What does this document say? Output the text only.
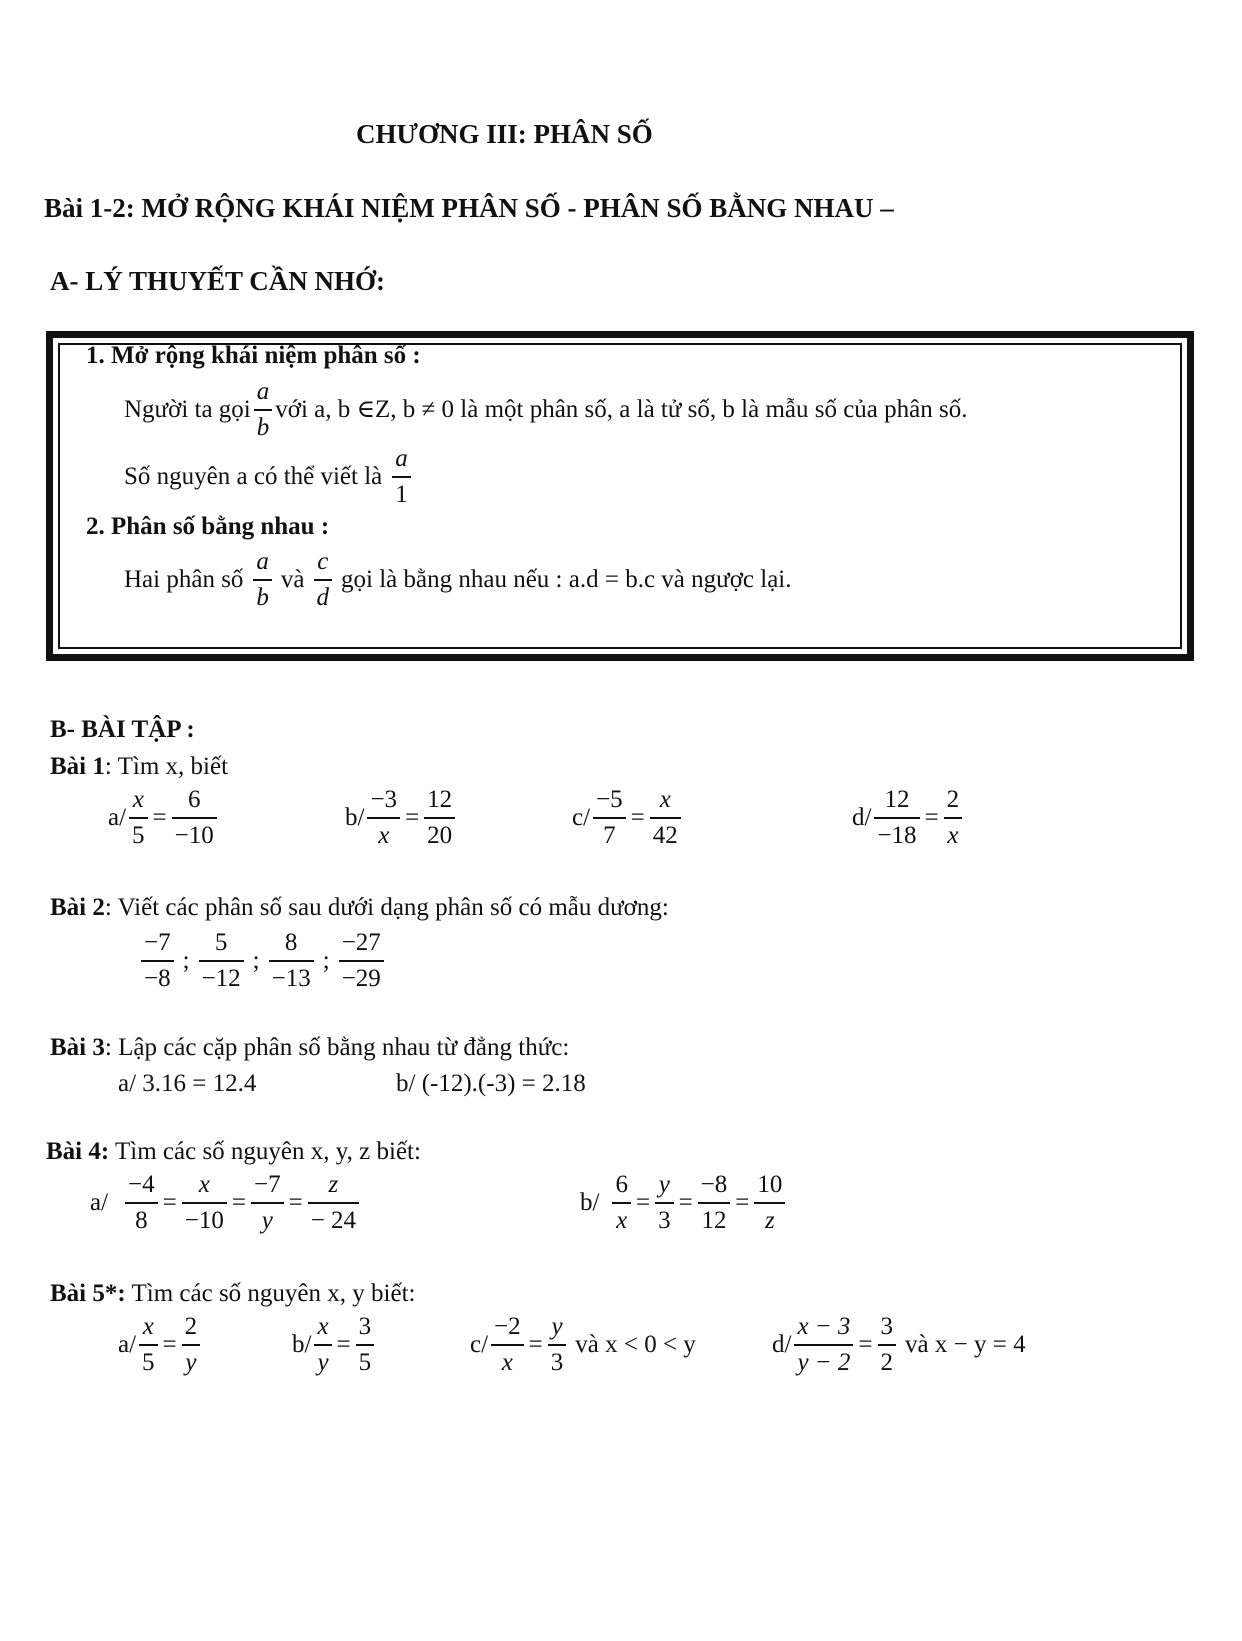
CHƯƠNG III: PHÂN SỐ
Bài 1-2: MỞ RỘNG KHÁI NIỆM PHÂN SỐ - PHÂN SỐ BẰNG NHAU –
A- LÝ THUYẾT CẦN NHỚ:
1. Mở rộng khái niệm phân số :
Người ta gọi $\frac{a}{b}$ với a, b ∈Z, b ≠ 0 là một phân số, a là tử số, b là mẫu số của phân số.
Số nguyên a có thể viết là $\frac{a}{1}$
2. Phân số bằng nhau :
Hai phân số $\frac{a}{b}$ và $\frac{c}{d}$ gọi là bằng nhau nếu : a.d = b.c và ngược lại.
B- BÀI TẬP :
Bài 1: Tìm x, biết
$a/ \frac{x}{5} = \frac{6}{-10}$	$b/ \frac{-3}{x} = \frac{12}{20}$	$c/ \frac{-5}{7} = \frac{x}{42}$	$d/ \frac{12}{-18} = \frac{2}{x}$
Bài 2: Viết các phân số sau dưới dạng phân số có mẫu dương:
$\frac{-7}{-8}$ ; $\frac{5}{-12}$ ; $\frac{8}{-13}$ ; $\frac{-27}{-29}$
Bài 3: Lập các cặp phân số bằng nhau từ đẳng thức:
a/ 3.16 = 12.4	b/ (-12).(-3) = 2.18
Bài 4: Tìm các số nguyên x, y, z biết:
$a/ \frac{-4}{8} = \frac{x}{-10} = \frac{-7}{y} = \frac{z}{- 24}$	$b/ \frac{6}{x} = \frac{y}{3} = \frac{-8}{12} = \frac{10}{z}$
Bài 5*: Tìm các số nguyên x, y biết:
$a/ \frac{x}{5} = \frac{2}{y}$	$b/ \frac{x}{y} = \frac{3}{5}$	$c/ \frac{-2}{x} = \frac{y}{3}$ và x < 0 < y	$d/ \frac{x - 3}{y - 2} = \frac{3}{2}$ và x − y = 4
